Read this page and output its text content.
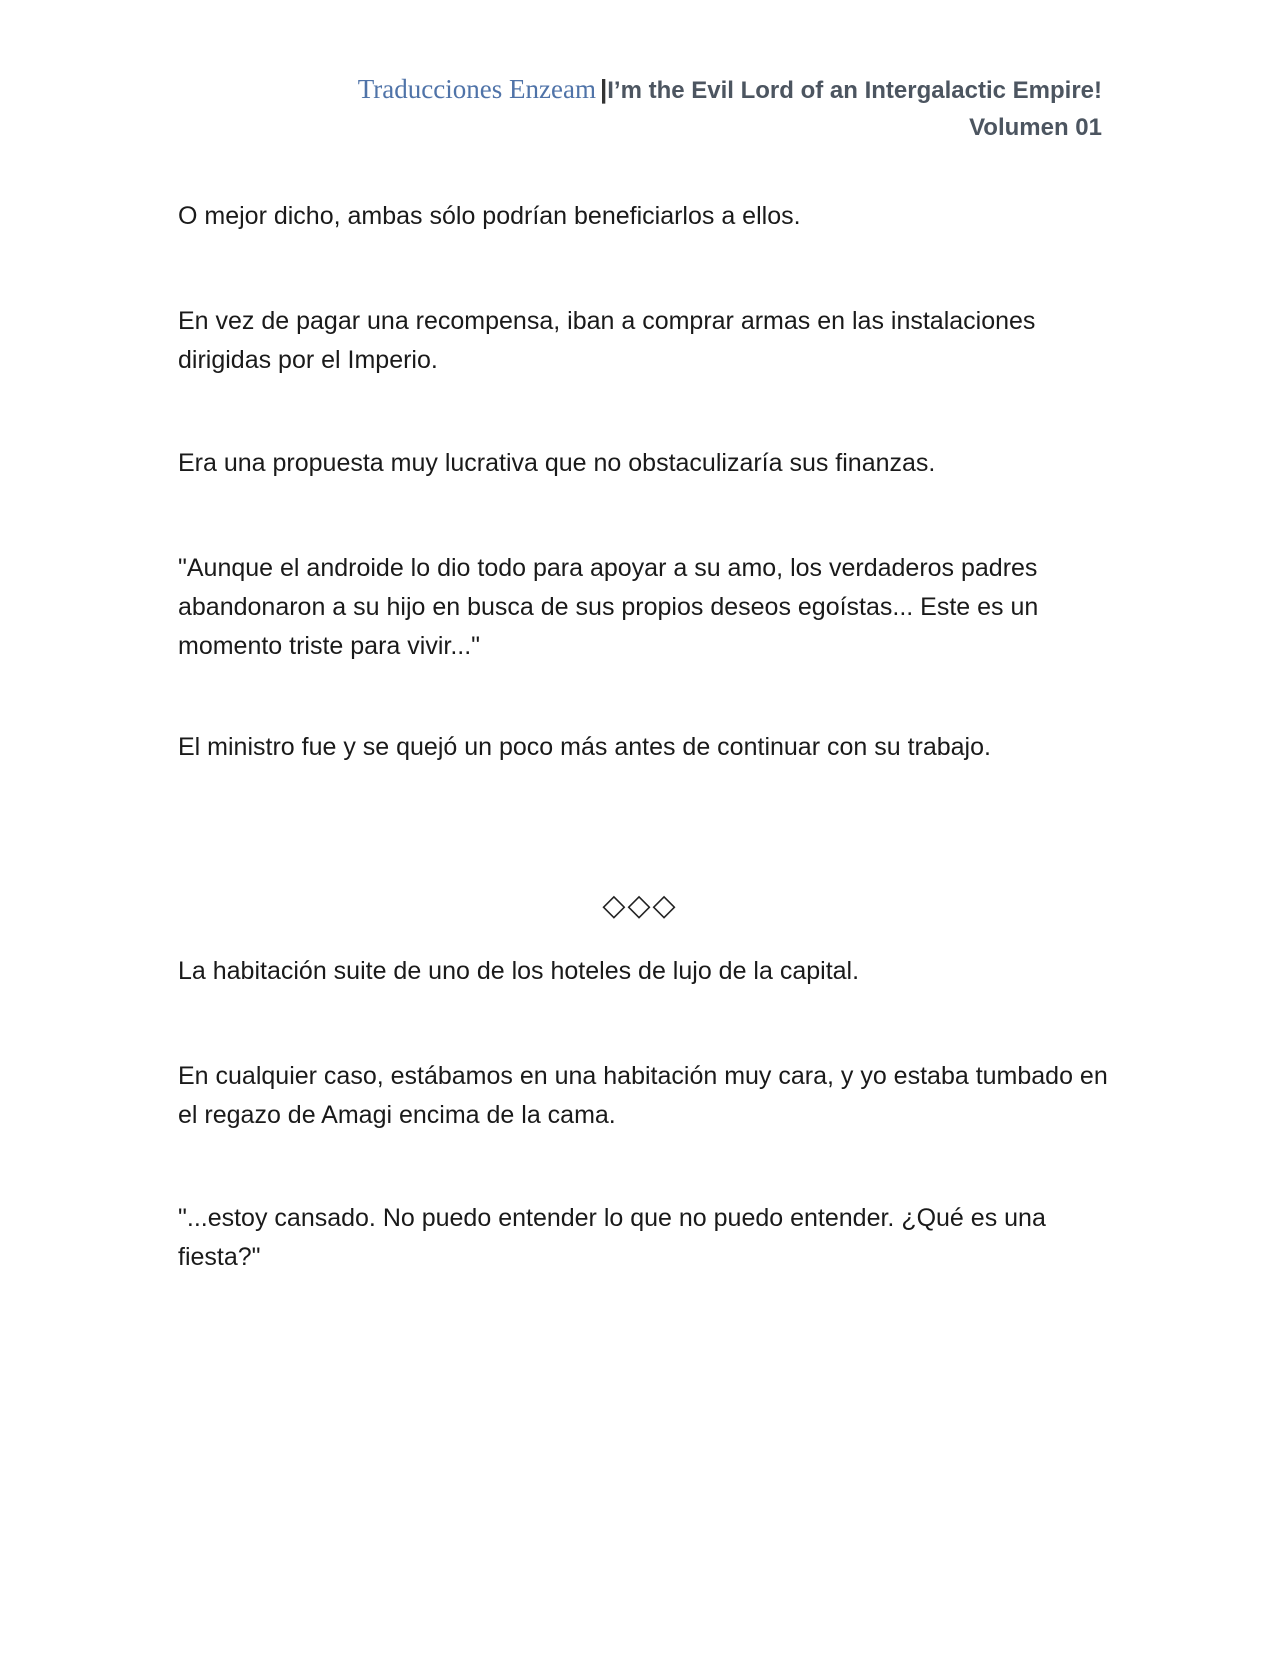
Traducciones Enzeam |I’m the Evil Lord of an Intergalactic Empire!
Volumen 01

O mejor dicho, ambas sólo podrían beneficiarlos a ellos.

En vez de pagar una recompensa, iban a comprar armas en las instalaciones dirigidas por el Imperio.

Era una propuesta muy lucrativa que no obstaculizaría sus finanzas.

"Aunque el androide lo dio todo para apoyar a su amo, los verdaderos padres abandonaron a su hijo en busca de sus propios deseos egoístas... Este es un momento triste para vivir..."

El ministro fue y se quejó un poco más antes de continuar con su trabajo.

La habitación suite de uno de los hoteles de lujo de la capital.

En cualquier caso, estábamos en una habitación muy cara, y yo estaba tumbado en el regazo de Amagi encima de la cama.

"...estoy cansado. No puedo entender lo que no puedo entender. ¿Qué es una fiesta?"

◇◇◇
